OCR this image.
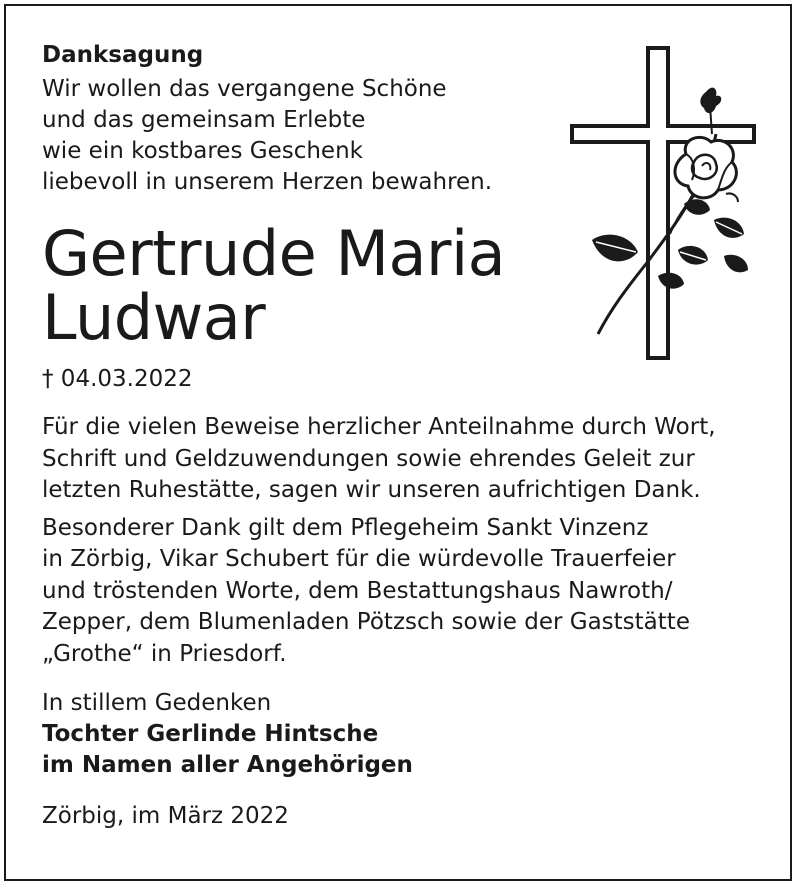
Danksagung

Wir wollen das vergangene Schöne
und das gemeinsam Erlebte
wie ein kostbares Geschenk
liebevoll in unserem Herzen bewahren.
Gertrude Maria
Ludwar

† 04.03.2022

Für die vielen Beweise herzlicher Anteilnahme durch Wort,
Schrift und Geldzuwendungen sowie ehrendes Geleit zur
letzten Ruhestätte, sagen wir unseren aufrichtigen Dank.
Besonderer Dank gilt dem Pflegeheim Sankt Vinzenz
in Zörbig, Vikar Schubert für die würdevolle Trauerfeier
und tröstenden Worte, dem Bestattungshaus Nawroth/
Zepper, dem Blumenladen Pötzsch sowie der Gaststätte
„Grothe“ in Priesdorf.
In stillem Gedenken
Tochter Gerlinde Hintsche
im Namen aller Angehörigen

Zörbig, im März 2022
